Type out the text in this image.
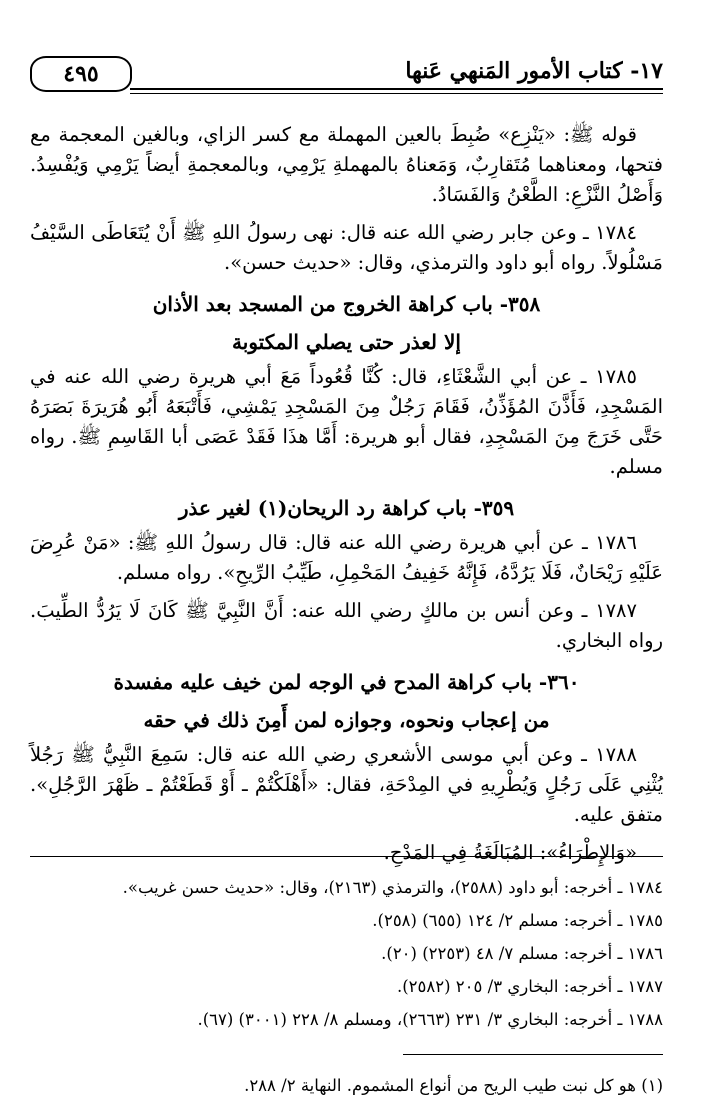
١٧- كتاب الأمور المَنهي عَنها
٤٩٥

قوله ﷺ: «يَنْزِع» ضُبِطَ بالعين المهملة مع كسر الزاي، وبالغين المعجمة مع فتحها، ومعناهما مُتَقارِبٌ، وَمَعناهُ بالمهملةِ يَرْمِي، وبالمعجمةِ أيضاً يَرْمِي وَيُفْسِدُ. وَأَصْلُ النَّزْعِ: الطَّعْنُ وَالفَسَادُ.

١٧٨٤ ـ وعن جابر رضي الله عنه قال: نهى رسولُ اللهِ ﷺ أَنْ يُتَعَاطَى السَّيْفُ مَسْلُولاً. رواه أبو داود والترمذي، وقال: «حديث حسن».

٣٥٨- باب كراهة الخروج من المسجد بعد الأذان
إلا لعذر حتى يصلي المكتوبة

١٧٨٥ ـ عن أبي الشَّعْثَاءِ، قال: كُنَّا قُعُوداً مَعَ أبي هريرة رضي الله عنه في المَسْجِدِ، فَأَذَّنَ المُؤَذِّنُ، فَقَامَ رَجُلٌ مِنَ المَسْجِدِ يَمْشِي، فَأَتْبَعَهُ أَبُو هُرَيرَةَ بَصَرَهُ حَتَّى خَرَجَ مِنَ المَسْجِدِ، فقال أبو هريرة: أَمَّا هذَا فَقَدْ عَصَى أبا القَاسِمِ ﷺ. رواه مسلم.

٣٥٩- باب كراهة رد الريحان(١) لغير عذر

١٧٨٦ ـ عن أبي هريرة رضي الله عنه قال: قال رسولُ اللهِ ﷺ: «مَنْ عُرِضَ عَلَيْهِ رَيْحَانٌ، فَلَا يَرُدَّهُ، فَإِنَّهُ خَفِيفُ المَحْمِلِ، طَيِّبُ الرِّيحِ». رواه مسلم.

١٧٨٧ ـ وعن أنس بن مالكٍ رضي الله عنه: أَنَّ النَّبِيَّ ﷺ كَانَ لَا يَرُدُّ الطِّيبَ. رواه البخاري.

٣٦٠- باب كراهة المدح في الوجه لمن خيف عليه مفسدة
من إعجاب ونحوه، وجوازه لمن أَمِنَ ذلك في حقه

١٧٨٨ ـ وعن أبي موسى الأشعري رضي الله عنه قال: سَمِعَ النَّبِيُّ ﷺ رَجُلاً يُثْنِي عَلَى رَجُلٍ وَيُطْرِيهِ في المِدْحَةِ، فقال: «أَهْلَكْتُمْ ـ أَوْ قَطَعْتُمْ ـ ظَهْرَ الرَّجُلِ». متفق عليه.

«وَالإِطْرَاءُ»: المُبَالَغَةُ فِي المَدْحِ.

١٧٨٤ ـ أخرجه: أبو داود (٢٥٨٨)، والترمذي (٢١٦٣)، وقال: «حديث حسن غريب».
١٧٨٥ ـ أخرجه: مسلم ٢/ ١٢٤ (٦٥٥) (٢٥٨).
١٧٨٦ ـ أخرجه: مسلم ٧/ ٤٨ (٢٢٥٣) (٢٠).
١٧٨٧ ـ أخرجه: البخاري ٣/ ٢٠٥ (٢٥٨٢).
١٧٨٨ ـ أخرجه: البخاري ٣/ ٢٣١ (٢٦٦٣)، ومسلم ٨/ ٢٢٨ (٣٠٠١) (٦٧).
(١) هو كل نبت طيب الريح من أنواع المشموم. النهاية ٢/ ٢٨٨.
